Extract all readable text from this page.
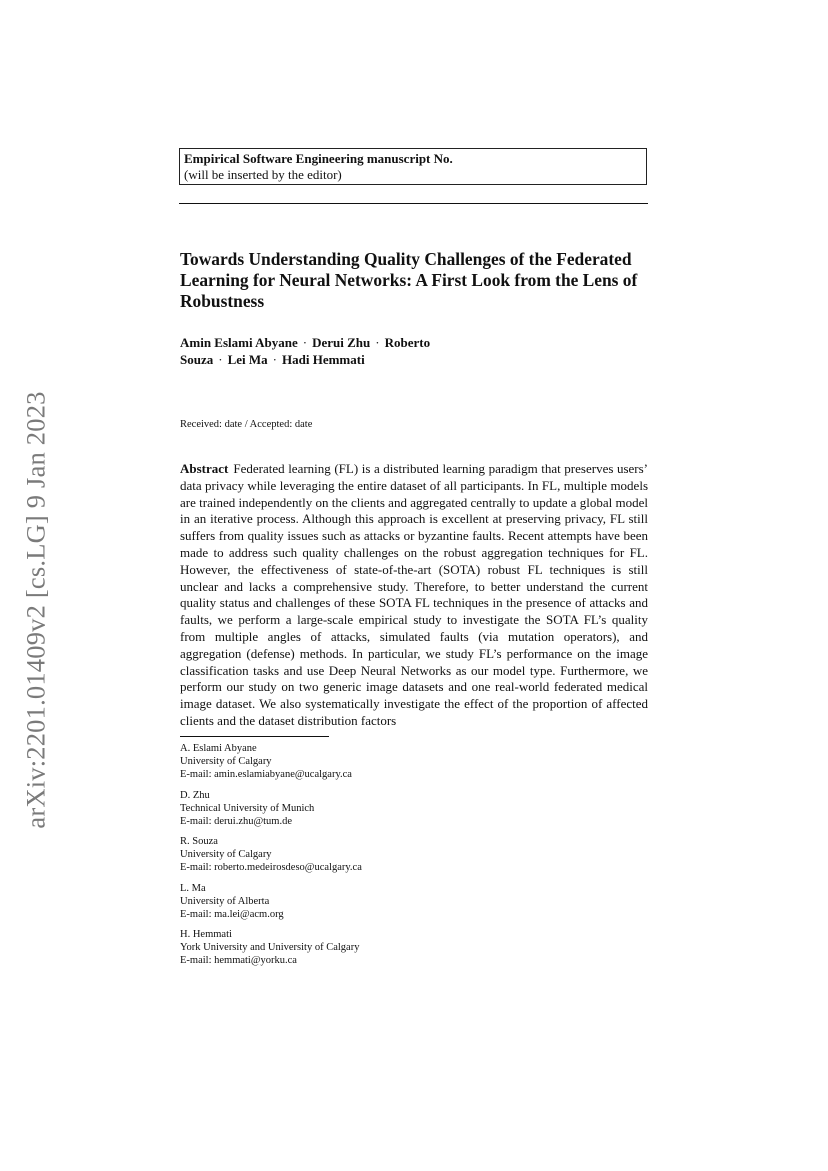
arXiv:2201.01409v2 [cs.LG] 9 Jan 2023
Empirical Software Engineering manuscript No.
(will be inserted by the editor)
Towards Understanding Quality Challenges of the Federated Learning for Neural Networks: A First Look from the Lens of Robustness
Amin Eslami Abyane · Derui Zhu · Roberto Souza · Lei Ma · Hadi Hemmati
Received: date / Accepted: date
Abstract Federated learning (FL) is a distributed learning paradigm that preserves users’ data privacy while leveraging the entire dataset of all participants. In FL, multiple models are trained independently on the clients and aggregated centrally to update a global model in an iterative process. Although this approach is excellent at preserving privacy, FL still suffers from quality issues such as attacks or byzantine faults. Recent attempts have been made to address such quality challenges on the robust aggregation techniques for FL. However, the effectiveness of state-of-the-art (SOTA) robust FL techniques is still unclear and lacks a comprehensive study. Therefore, to better understand the current quality status and challenges of these SOTA FL techniques in the presence of attacks and faults, we perform a large-scale empirical study to investigate the SOTA FL’s quality from multiple angles of attacks, simulated faults (via mutation operators), and aggregation (defense) methods. In particular, we study FL’s performance on the image classification tasks and use Deep Neural Networks as our model type. Furthermore, we perform our study on two generic image datasets and one real-world federated medical image dataset. We also systematically investigate the effect of the proportion of affected clients and the dataset distribution factors
A. Eslami Abyane
University of Calgary
E-mail: amin.eslamiabyane@ucalgary.ca
D. Zhu
Technical University of Munich
E-mail: derui.zhu@tum.de
R. Souza
University of Calgary
E-mail: roberto.medeirosdeso@ucalgary.ca
L. Ma
University of Alberta
E-mail: ma.lei@acm.org
H. Hemmati
York University and University of Calgary
E-mail: hemmati@yorku.ca
